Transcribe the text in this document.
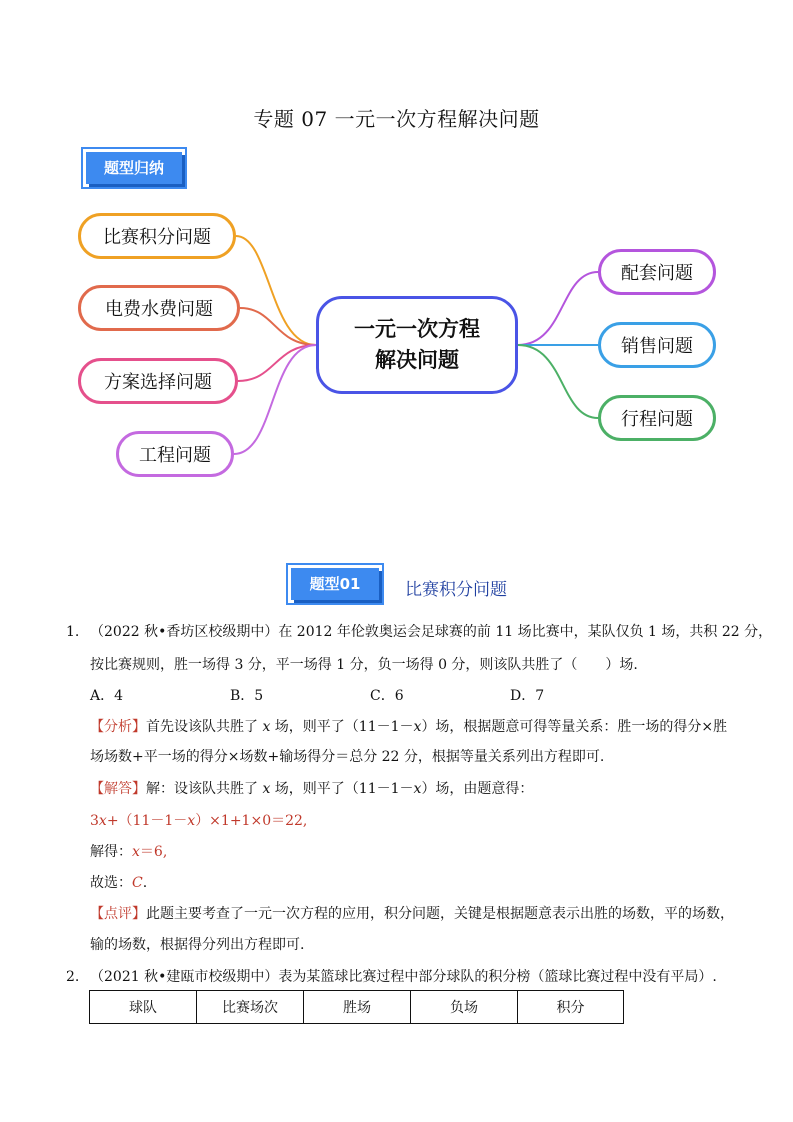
专题 07 一元一次方程解决问题
题型归纳
一元一次方程
解决问题
比赛积分问题
电费水费问题
方案选择问题
工程问题
配套问题
销售问题
行程问题
题型01	比赛积分问题
1. （2022 秋•香坊区校级期中）在 2012 年伦敦奥运会足球赛的前 11 场比赛中，某队仅负 1 场，共积 22 分，
按比赛规则，胜一场得 3 分，平一场得 1 分，负一场得 0 分，则该队共胜了（　　）场.
A．4	B．5	C．6	D．7
【分析】首先设该队共胜了 x 场，则平了（11－1－x）场，根据题意可得等量关系：胜一场的得分×胜
场场数+平一场的得分×场数+输场得分＝总分 22 分，根据等量关系列出方程即可.
【解答】解：设该队共胜了 x 场，则平了（11－1－x）场，由题意得：
3x+（11－1－x）×1+1×0＝22,
解得：x＝6,
故选：C.
【点评】此题主要考查了一元一次方程的应用，积分问题，关键是根据题意表示出胜的场数，平的场数，
输的场数，根据得分列出方程即可.
2. （2021 秋•建瓯市校级期中）表为某篮球比赛过程中部分球队的积分榜（篮球比赛过程中没有平局）.
球队	比赛场次	胜场	负场	积分
